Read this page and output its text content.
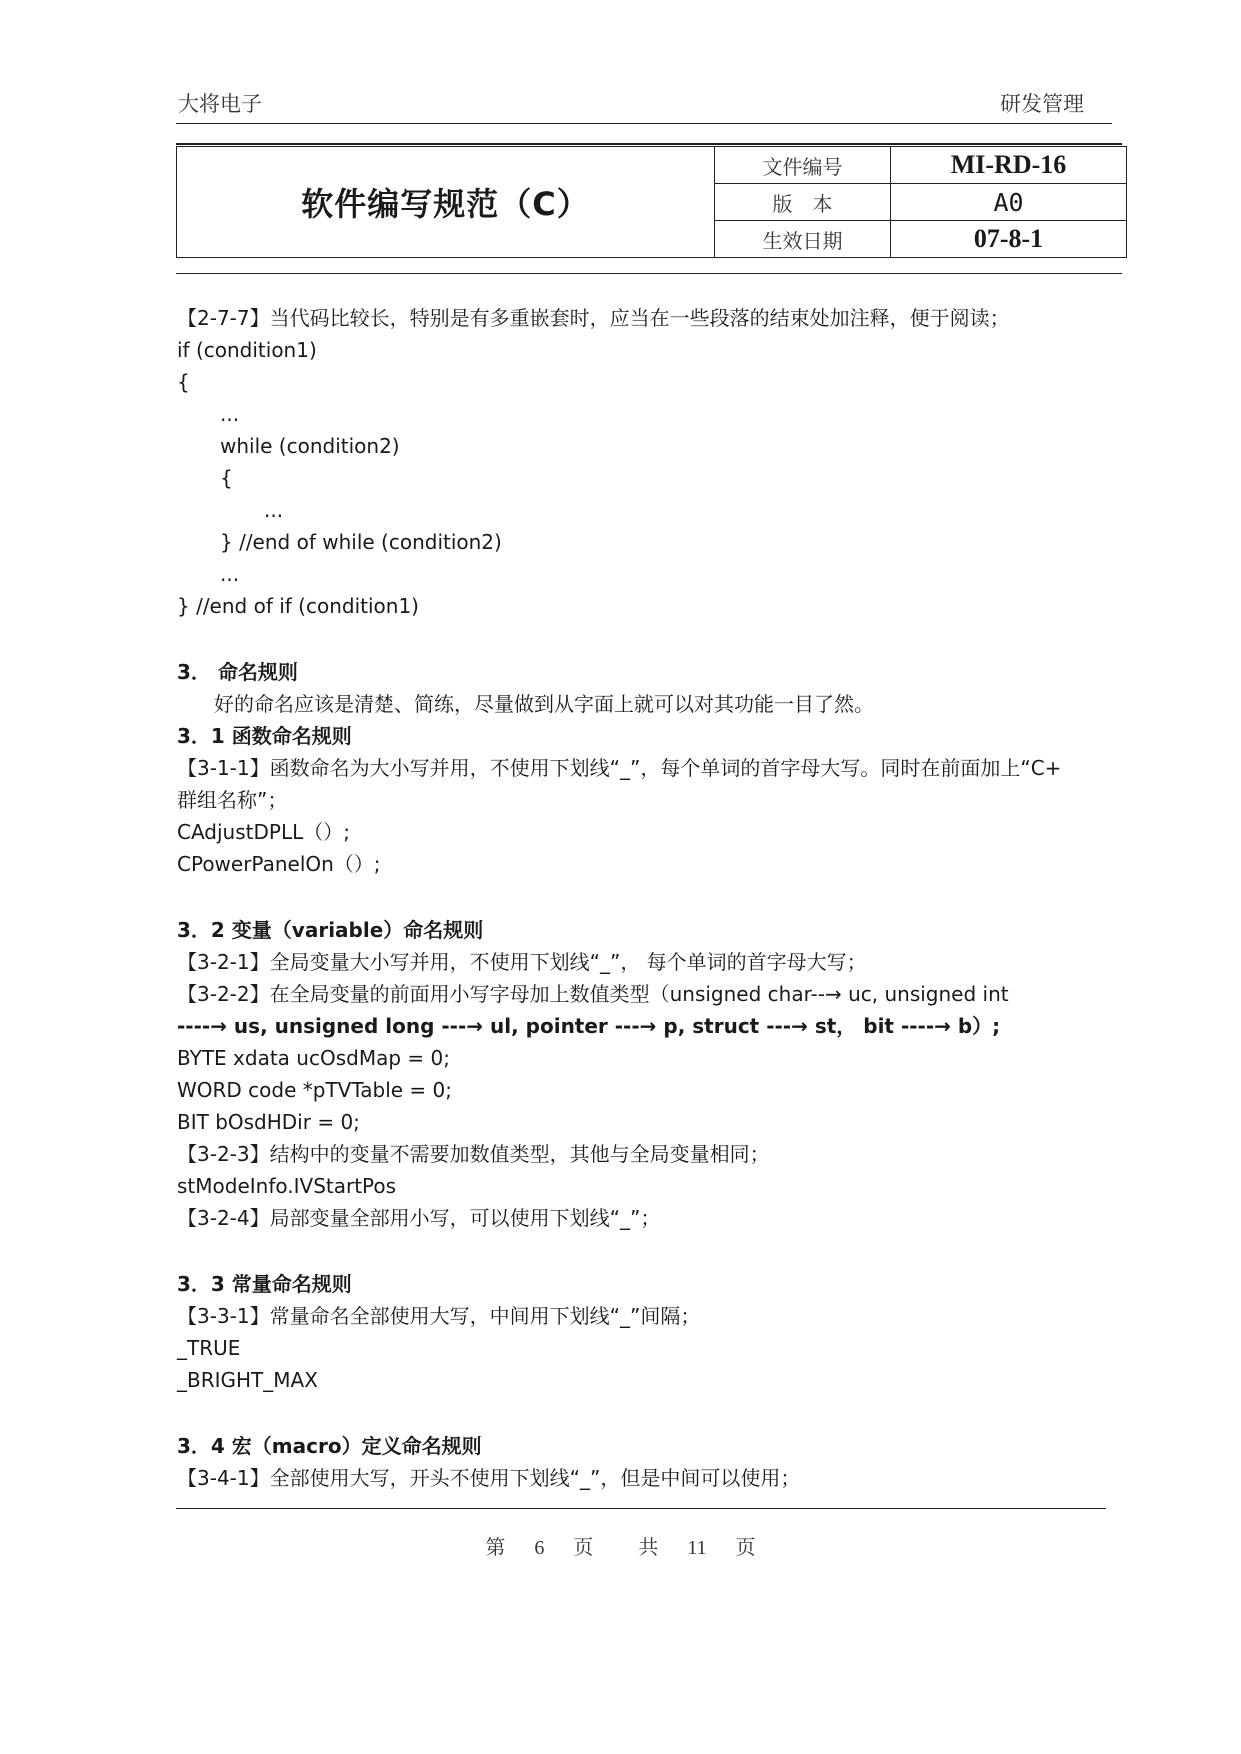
大将电子	研发管理
软件编写规范（C）	文件编号	MI-RD-16
	版　本	A0
	生效日期	07-8-1
【2-7-7】当代码比较长，特别是有多重嵌套时，应当在一些段落的结束处加注释，便于阅读；
if (condition1)
{
...
while (condition2)
{
...
} //end of while (condition2)
...
} //end of if (condition1)
3． 命名规则
好的命名应该是清楚、简练，尽量做到从字面上就可以对其功能一目了然。
3．1 函数命名规则
【3-1-1】函数命名为大小写并用，不使用下划线“_”，每个单词的首字母大写。同时在前面加上“C+
群组名称”；
CAdjustDPLL（）;
CPowerPanelOn（）;
3．2 变量（variable）命名规则
【3-2-1】全局变量大小写并用，不使用下划线“_”， 每个单词的首字母大写；
【3-2-2】在全局变量的前面用小写字母加上数值类型（unsigned char--→ uc, unsigned int
----→ us, unsigned long ---→ ul, pointer ---→ p, struct ---→ st， bit ----→ b）;
BYTE xdata ucOsdMap = 0;
WORD code *pTVTable = 0;
BIT bOsdHDir = 0;
【3-2-3】结构中的变量不需要加数值类型，其他与全局变量相同；
stModeInfo.IVStartPos
【3-2-4】局部变量全部用小写，可以使用下划线“_”；
3．3 常量命名规则
【3-3-1】常量命名全部使用大写，中间用下划线“_”间隔；
_TRUE
_BRIGHT_MAX
3．4 宏（macro）定义命名规则
【3-4-1】全部使用大写，开头不使用下划线“_”，但是中间可以使用；
第 6 页 共 11 页
